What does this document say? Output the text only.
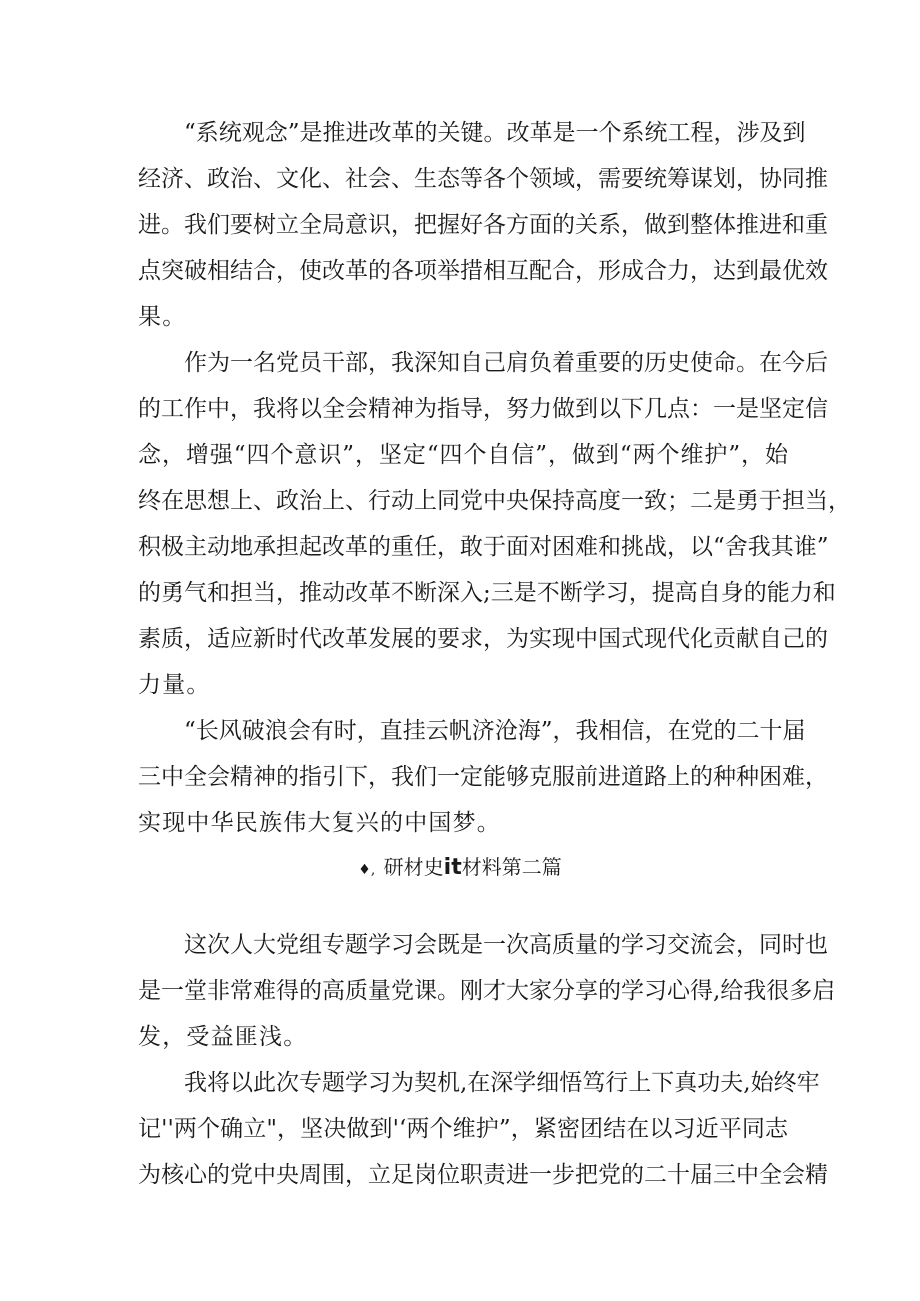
“系统观念”是推进改革的关键。改革是一个系统工程，涉及到
经济、政治、文化、社会、生态等各个领域，需要统筹谋划，协同推
进。我们要树立全局意识，把握好各方面的关系，做到整体推进和重
点突破相结合，使改革的各项举措相互配合，形成合力，达到最优效
果。
作为一名党员干部，我深知自己肩负着重要的历史使命。在今后
的工作中，我将以全会精神为指导，努力做到以下几点：一是坚定信
念，增强“四个意识”，坚定“四个自信”，做到“两个维护”，始
终在思想上、政治上、行动上同党中央保持高度一致；二是勇于担当，
积极主动地承担起改革的重任，敢于面对困难和挑战，以“舍我其谁”
的勇气和担当，推动改革不断深入;三是不断学习，提高自身的能力和
素质，适应新时代改革发展的要求，为实现中国式现代化贡献自己的
力量。
“长风破浪会有时，直挂云帆济沧海”，我相信，在党的二十届
三中全会精神的指引下，我们一定能够克服前进道路上的种种困难，
实现中华民族伟大复兴的中国梦。
♦, 研材史it材料第二篇
这次人大党组专题学习会既是一次高质量的学习交流会，同时也
是一堂非常难得的高质量党课。刚才大家分享的学习心得,给我很多启
发，受益匪浅。
我将以此次专题学习为契机,在深学细悟笃行上下真功夫,始终牢
记''两个确立"，坚决做到'‘两个维护”，紧密团结在以习近平同志
为核心的党中央周围，立足岗位职责进一步把党的二十届三中全会精
